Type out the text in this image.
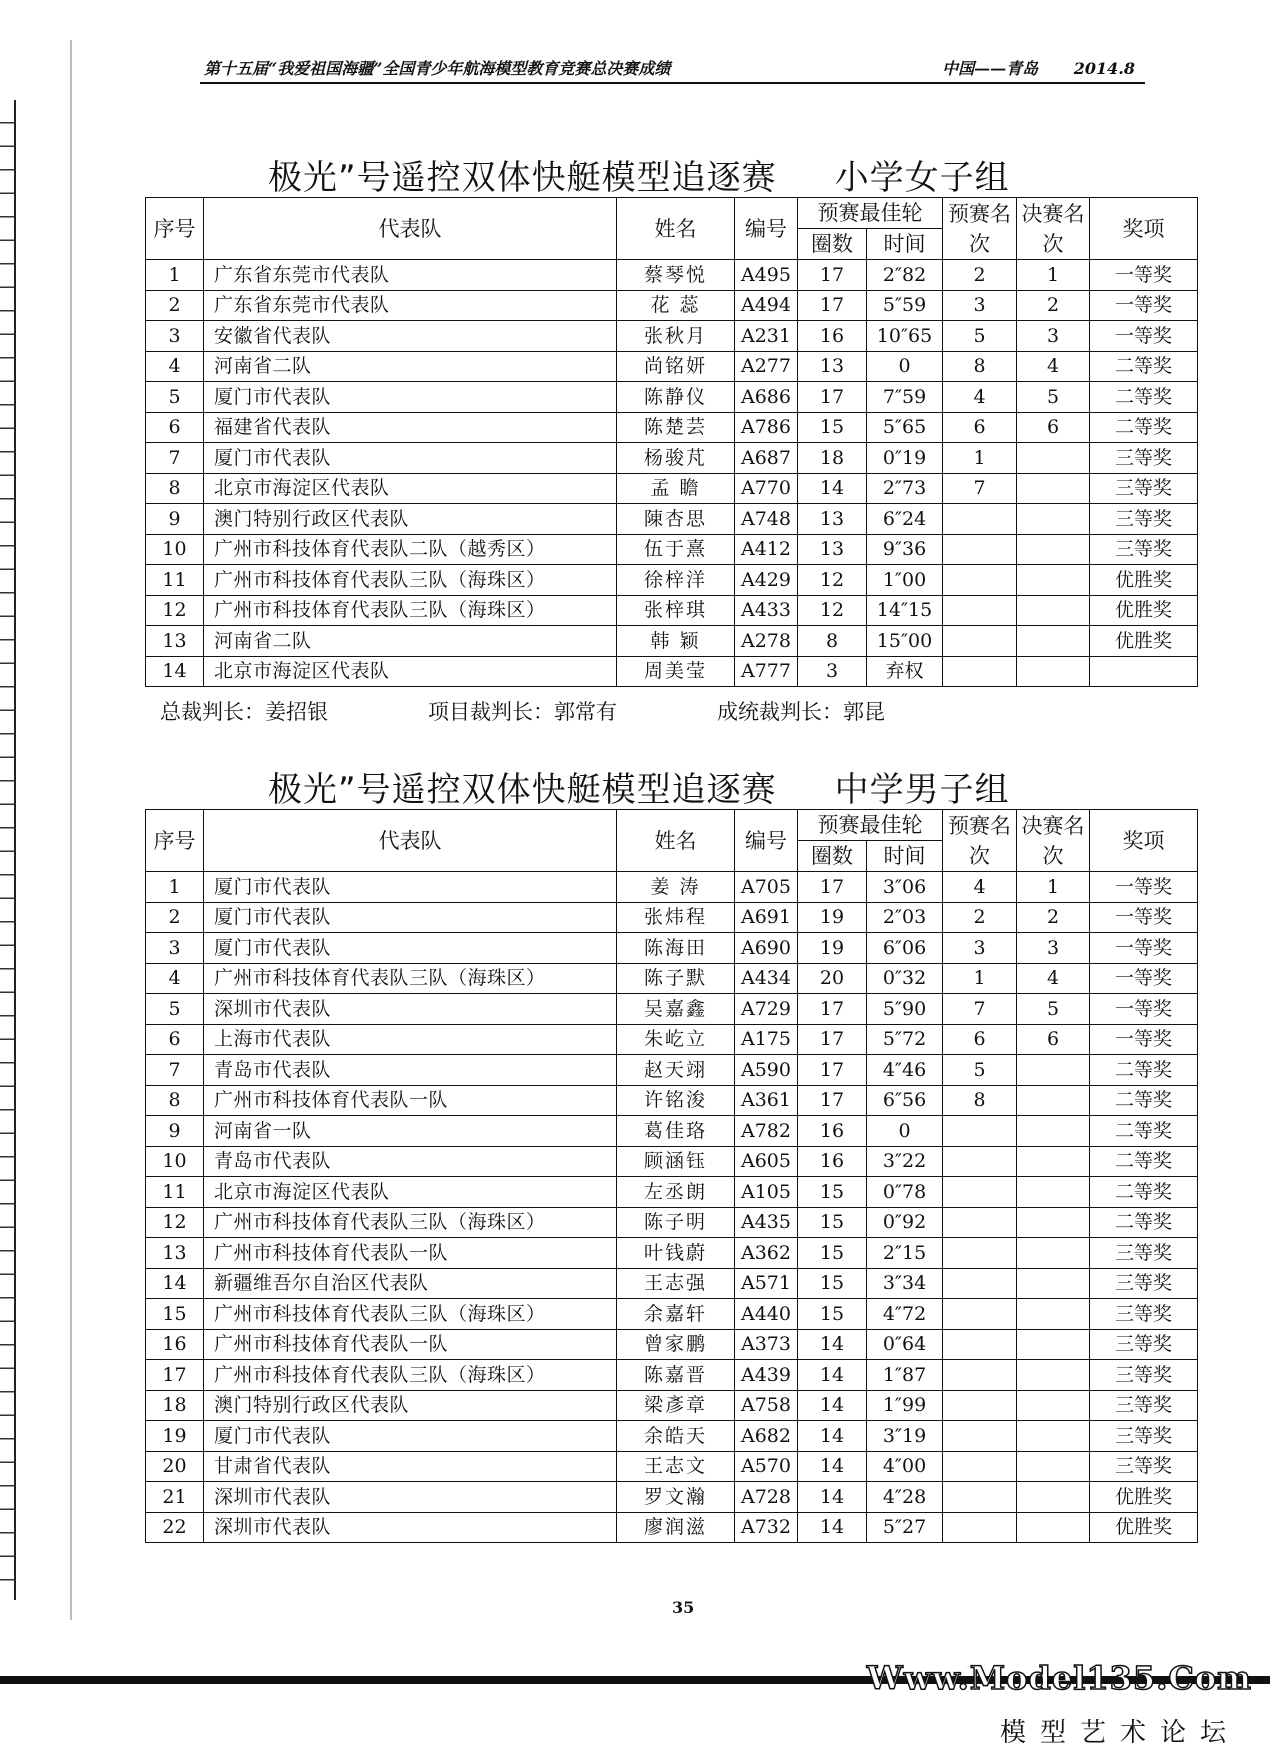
第十五届“我爱祖国海疆”全国青少年航海模型教育竞赛总决赛成绩	中国——青岛 2014.8
极光”号遥控双体快艇模型追逐赛 小学女子组
序号	代表队	姓名	编号	预赛最佳轮		预赛名次	决赛名次	奖项
				圈数	时间			
1	广东省东莞市代表队	蔡琴悦	A495	17	2″82	2	1	一等奖
2	广东省东莞市代表队	花 蕊	A494	17	5″59	3	2	一等奖
3	安徽省代表队	张秋月	A231	16	10″65	5	3	一等奖
4	河南省二队	尚铭妍	A277	13	0	8	4	二等奖
5	厦门市代表队	陈静仪	A686	17	7″59	4	5	二等奖
6	福建省代表队	陈楚芸	A786	15	5″65	6	6	二等奖
7	厦门市代表队	杨骏芃	A687	18	0″19	1		三等奖
8	北京市海淀区代表队	孟 瞻	A770	14	2″73	7		三等奖
9	澳门特别行政区代表队	陳杏思	A748	13	6″24			三等奖
10	广州市科技体育代表队二队（越秀区）	伍于熹	A412	13	9″36			三等奖
11	广州市科技体育代表队三队（海珠区）	徐梓洋	A429	12	1″00			优胜奖
12	广州市科技体育代表队三队（海珠区）	张梓琪	A433	12	14″15			优胜奖
13	河南省二队	韩 颖	A278	8	15″00			优胜奖
14	北京市海淀区代表队	周美莹	A777	3	弃权			
总裁判长：姜招银	项目裁判长：郭常有	成统裁判长：郭昆
极光”号遥控双体快艇模型追逐赛 中学男子组
序号	代表队	姓名	编号	预赛最佳轮		预赛名次	决赛名次	奖项
				圈数	时间			
1	厦门市代表队	姜 涛	A705	17	3″06	4	1	一等奖
2	厦门市代表队	张炜程	A691	19	2″03	2	2	一等奖
3	厦门市代表队	陈海田	A690	19	6″06	3	3	一等奖
4	广州市科技体育代表队三队（海珠区）	陈子默	A434	20	0″32	1	4	一等奖
5	深圳市代表队	吴嘉鑫	A729	17	5″90	7	5	一等奖
6	上海市代表队	朱屹立	A175	17	5″72	6	6	一等奖
7	青岛市代表队	赵天翊	A590	17	4″46	5		二等奖
8	广州市科技体育代表队一队	许铭浚	A361	17	6″56	8		二等奖
9	河南省一队	葛佳珞	A782	16	0			二等奖
10	青岛市代表队	顾涵钰	A605	16	3″22			二等奖
11	北京市海淀区代表队	左丞朗	A105	15	0″78			二等奖
12	广州市科技体育代表队三队（海珠区）	陈子明	A435	15	0″92			二等奖
13	广州市科技体育代表队一队	叶钱蔚	A362	15	2″15			三等奖
14	新疆维吾尔自治区代表队	王志强	A571	15	3″34			三等奖
15	广州市科技体育代表队三队（海珠区）	余嘉轩	A440	15	4″72			三等奖
16	广州市科技体育代表队一队	曾家鹏	A373	14	0″64			三等奖
17	广州市科技体育代表队三队（海珠区）	陈嘉晋	A439	14	1″87			三等奖
18	澳门特别行政区代表队	梁彥章	A758	14	1″99			三等奖
19	厦门市代表队	余皓天	A682	14	3″19			三等奖
20	甘肃省代表队	王志文	A570	14	4″00			三等奖
21	深圳市代表队	罗文瀚	A728	14	4″28			优胜奖
22	深圳市代表队	廖润滋	A732	14	5″27			优胜奖
35
Www.Model135.Com
模型艺术论坛
